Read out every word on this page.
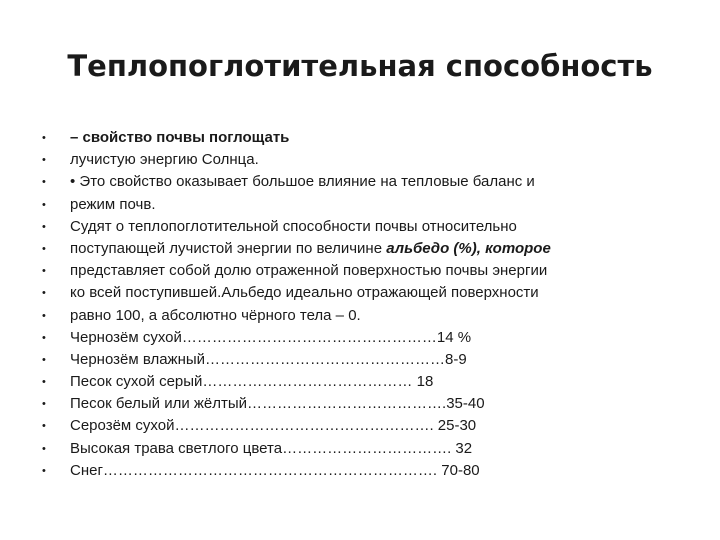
Теплопоглотительная способность
•	– свойство почвы поглощать
•	лучистую энергию Солнца.
•	• Это свойство оказывает большое влияние на тепловые баланс и
•	режим почв.
•	Судят о теплопоглотительной способности почвы относительно
•	поступающей лучистой энергии по величине альбедо (%), которое
•	представляет собой долю отраженной поверхностью почвы энергии
•	ко всей поступившей.Альбедо идеально отражающей поверхности
•	равно 100, а абсолютно чёрного тела – 0.
•	Чернозём сухой……………………………………………14 %
•	Чернозём влажный…………………………………………8-9
•	Песок сухой серый…………………………………… 18
•	Песок белый или жёлтый………………………………….35-40
•	Серозём сухой……………………………………………. 25-30
•	Высокая трава светлого цвета……………………………. 32
•	Снег…………………………………………………………. 70-80
